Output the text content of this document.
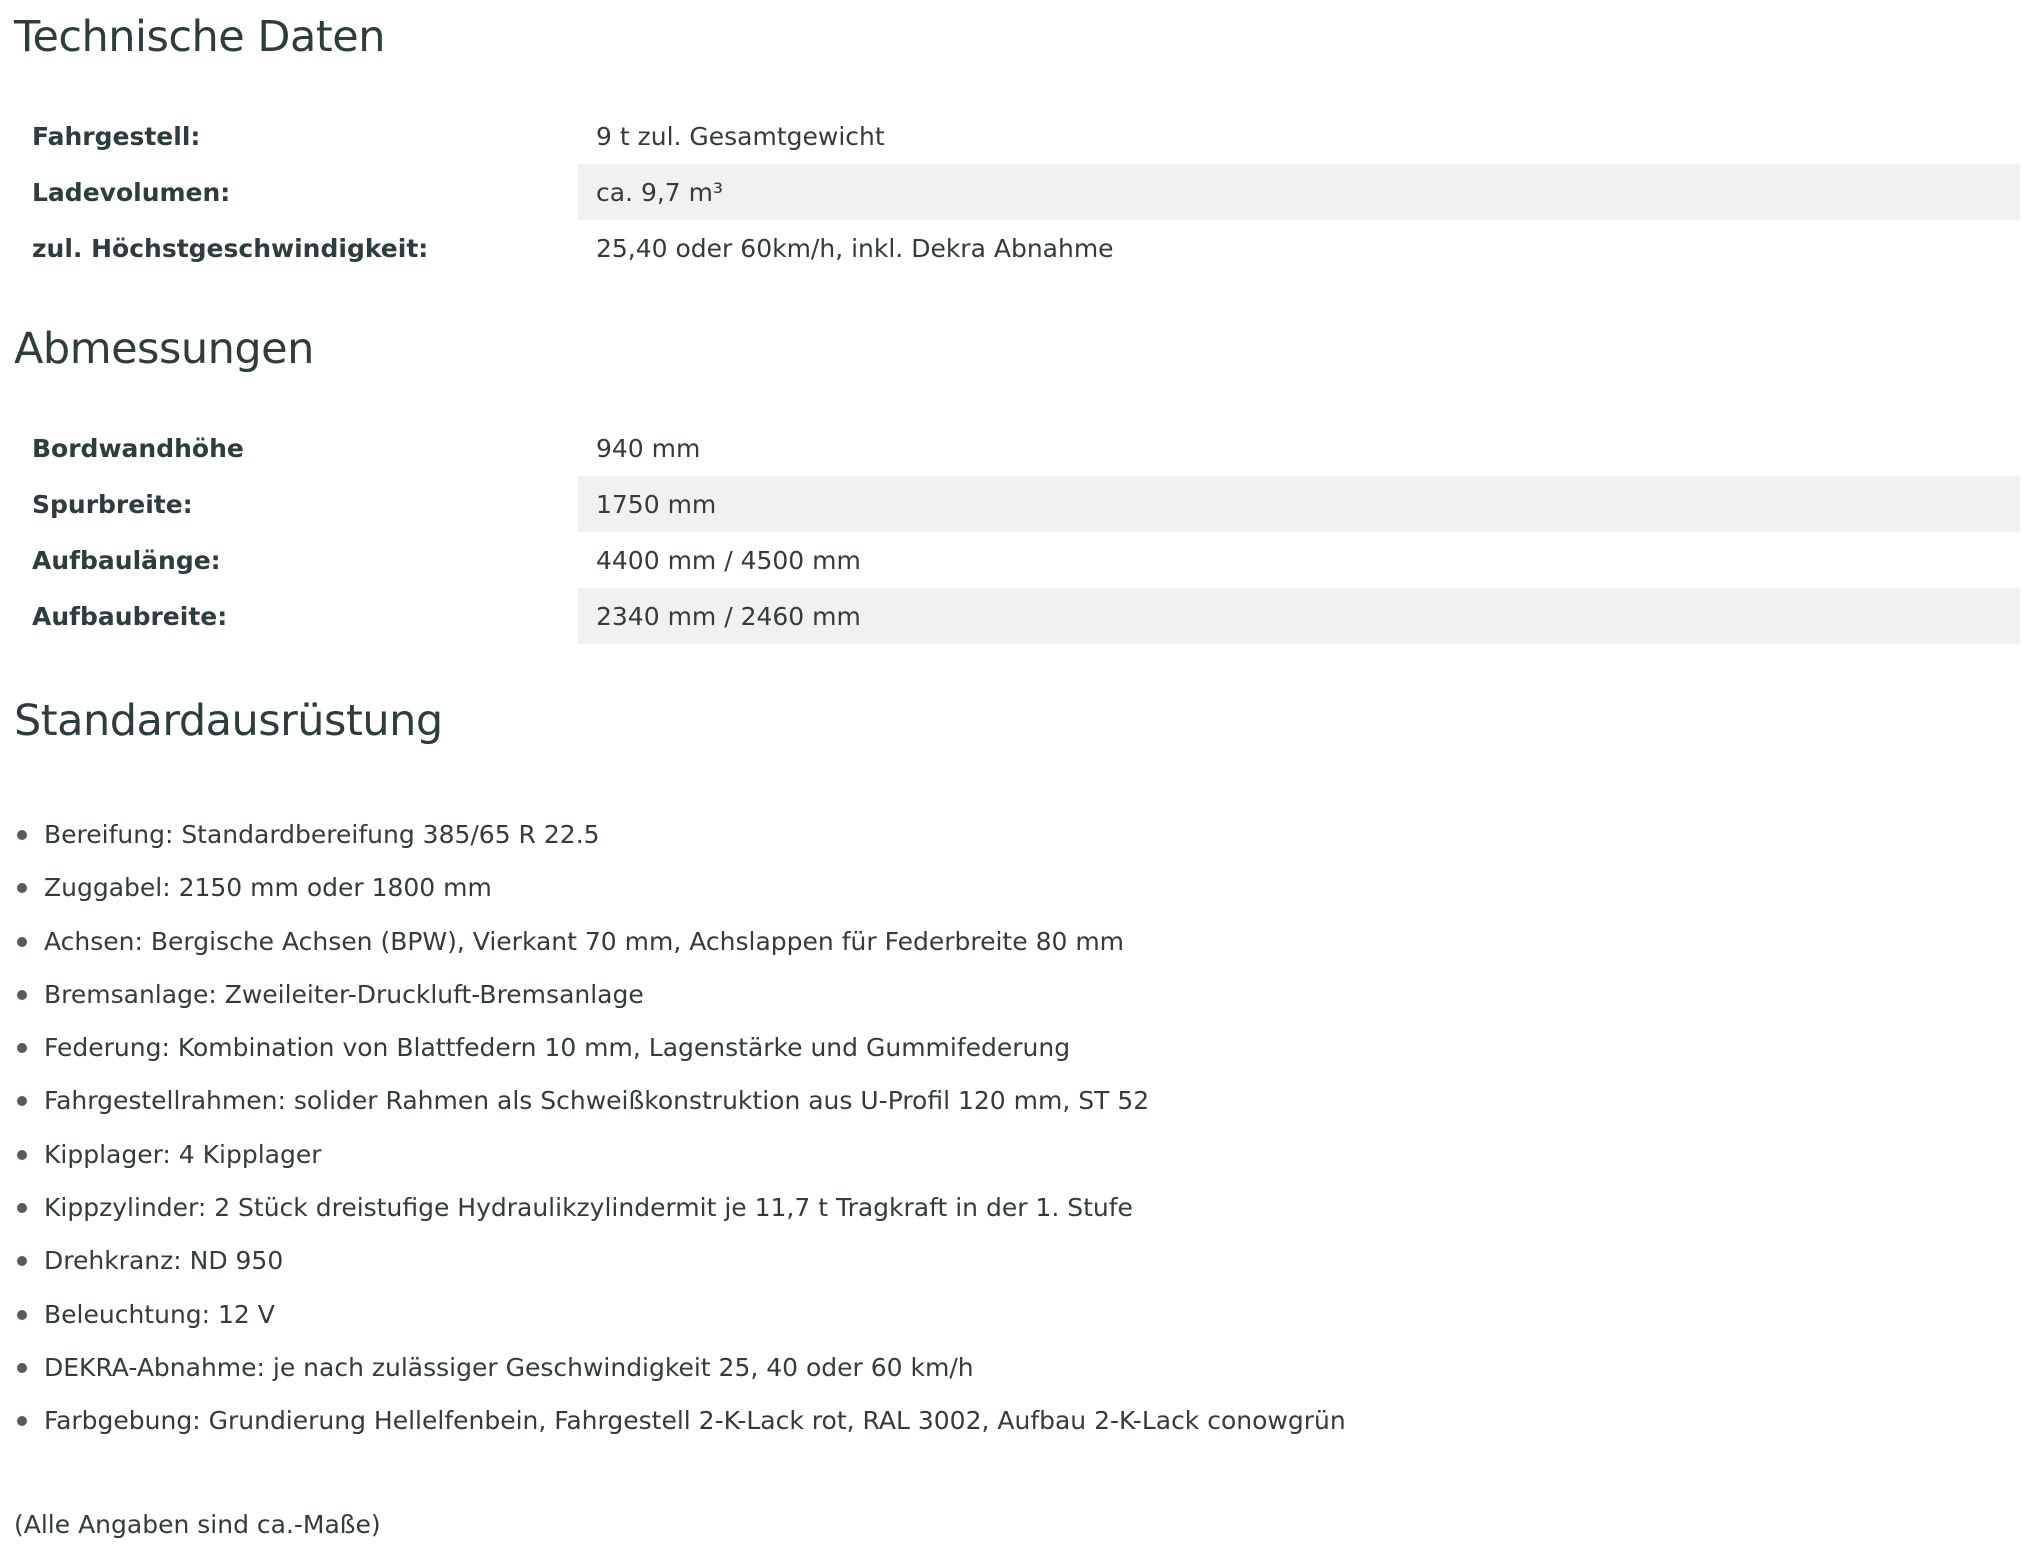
Technische Daten
Fahrgestell:	9 t zul. Gesamtgewicht
Ladevolumen:	ca. 9,7 m³
zul. Höchstgeschwindigkeit:	25,40 oder 60km/h, inkl. Dekra Abnahme
Abmessungen
Bordwandhöhe	940 mm
Spurbreite:	1750 mm
Aufbaulänge:	4400 mm / 4500 mm
Aufbaubreite:	2340 mm / 2460 mm
Standardausrüstung
Bereifung: Standardbereifung 385/65 R 22.5
Zuggabel: 2150 mm oder 1800 mm
Achsen: Bergische Achsen (BPW), Vierkant 70 mm, Achslappen für Federbreite 80 mm
Bremsanlage: Zweileiter-Druckluft-Bremsanlage
Federung: Kombination von Blattfedern 10 mm, Lagenstärke und Gummifederung
Fahrgestellrahmen: solider Rahmen als Schweißkonstruktion aus U-Profil 120 mm, ST 52
Kipplager: 4 Kipplager
Kippzylinder: 2 Stück dreistufige Hydraulikzylindermit je 11,7 t Tragkraft in der 1. Stufe
Drehkranz: ND 950
Beleuchtung: 12 V
DEKRA-Abnahme: je nach zulässiger Geschwindigkeit 25, 40 oder 60 km/h
Farbgebung: Grundierung Hellelfenbein, Fahrgestell 2-K-Lack rot, RAL 3002, Aufbau 2-K-Lack conowgrün
(Alle Angaben sind ca.-Maße)
